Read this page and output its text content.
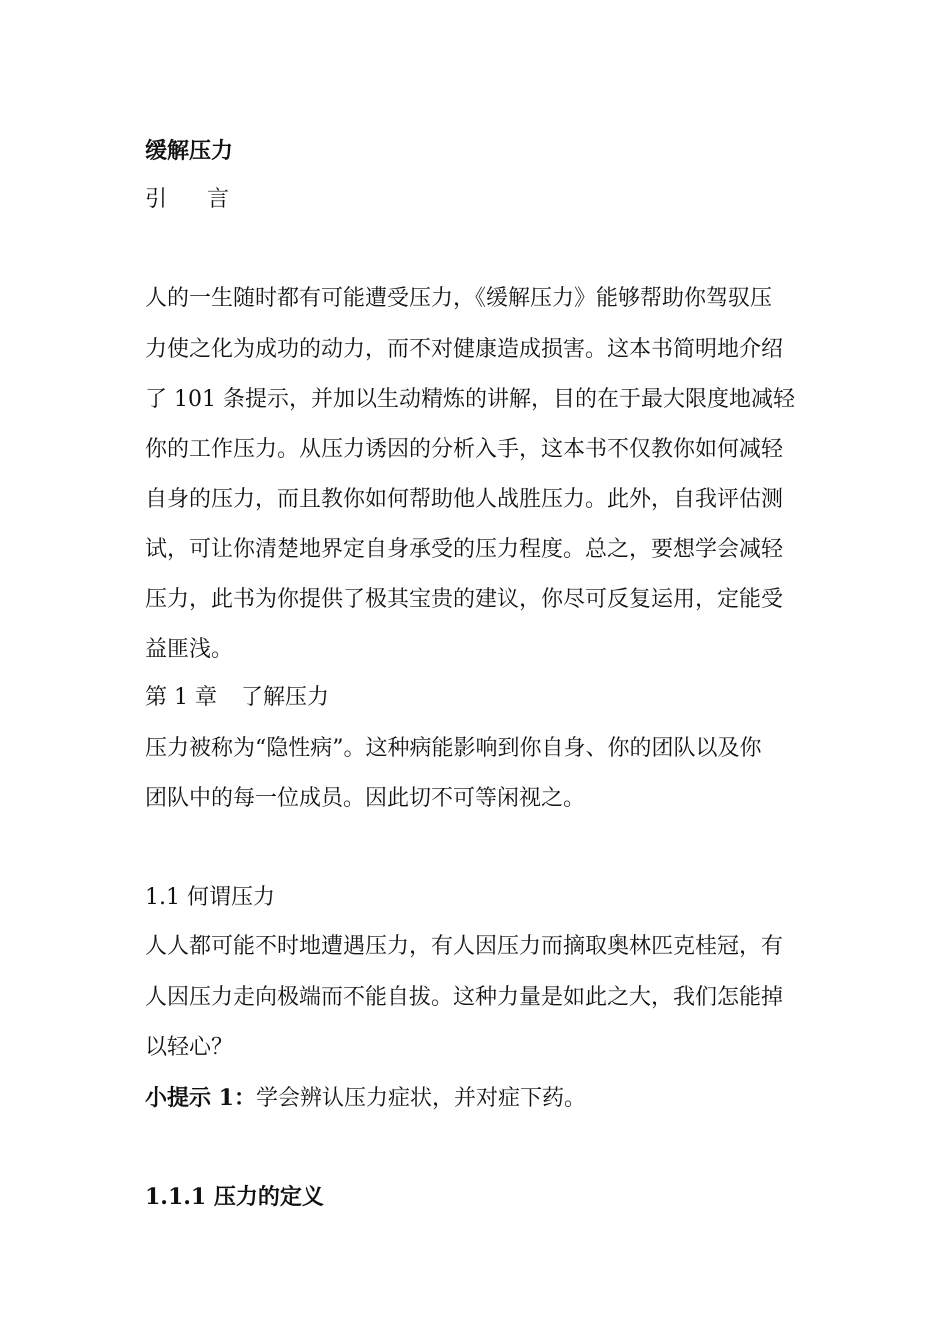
缓解压力
引 言
人的一生随时都有可能遭受压力，《缓解压力》能够帮助你驾驭压
力使之化为成功的动力，而不对健康造成损害。这本书简明地介绍
了 101 条提示，并加以生动精炼的讲解，目的在于最大限度地减轻
你的工作压力。从压力诱因的分析入手，这本书不仅教你如何减轻
自身的压力，而且教你如何帮助他人战胜压力。此外，自我评估测
试，可让你清楚地界定自身承受的压力程度。总之，要想学会减轻
压力，此书为你提供了极其宝贵的建议，你尽可反复运用，定能受
益匪浅。
第 1 章 了解压力
压力被称为“隐性病”。这种病能影响到你自身、你的团队以及你
团队中的每一位成员。因此切不可等闲视之。
1.1 何谓压力
人人都可能不时地遭遇压力，有人因压力而摘取奥林匹克桂冠，有
人因压力走向极端而不能自拔。这种力量是如此之大，我们怎能掉
以轻心？
小提示 1：学会辨认压力症状，并对症下药。
1.1.1 压力的定义
